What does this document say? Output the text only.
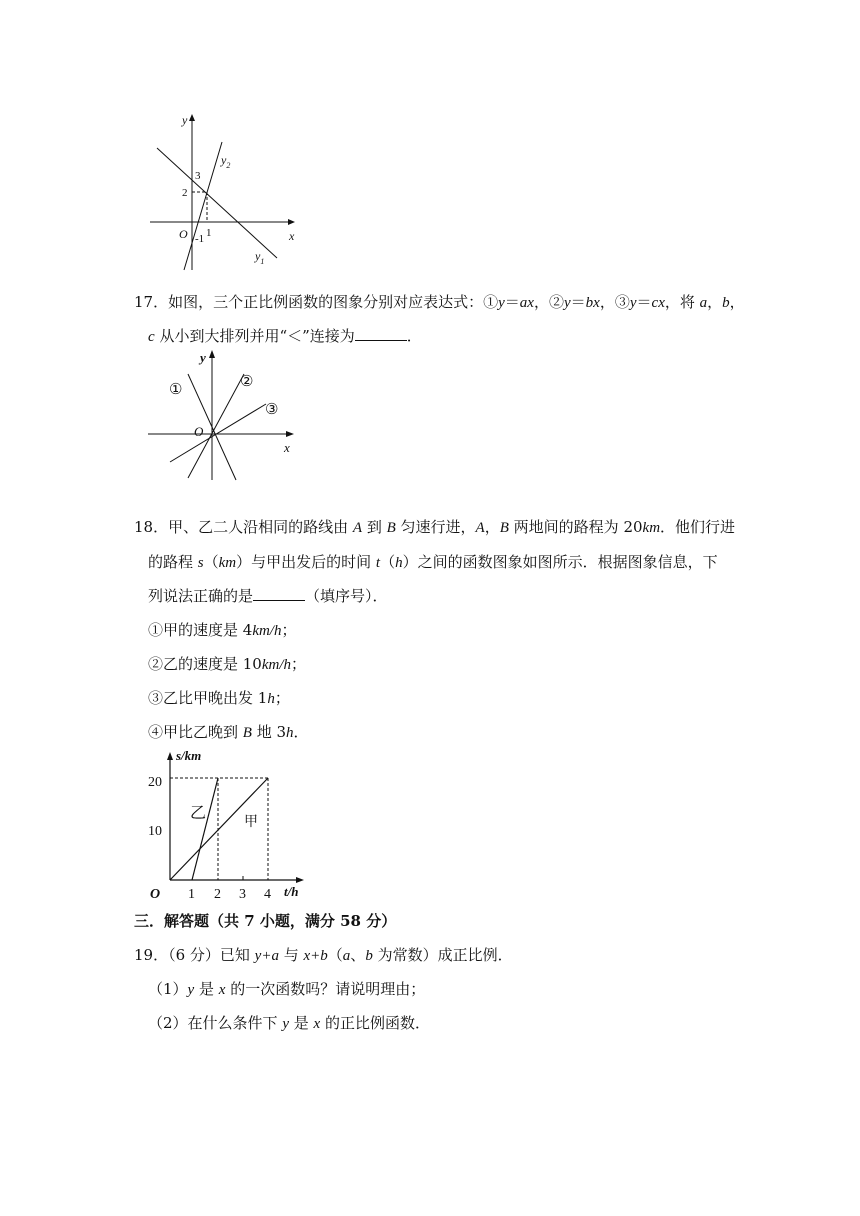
y
x
O
3
2
1
-1
$y_2$
$y_1$
17．如图，三个正比例函数的图象分别对应表达式：①y＝ax，②y＝bx，③y＝cx，将 a，b，
c 从小到大排列并用“＜”连接为	．
y
x
O
①	②
③
18．甲、乙二人沿相同的路线由 A 到 B 匀速行进，A，B 两地间的路程为 20km．他们行进
的路程 s（km）与甲出发后的时间 t（h）之间的函数图象如图所示．根据图象信息，下
列说法正确的是	（填序号）．
①甲的速度是 4km/h；
②乙的速度是 10km/h；
③乙比甲晚出发 1h；
④甲比乙晚到 B 地 3h．
s/km
t/h
O
20
10
1 2 3 4
乙
甲
三．解答题（共 7 小题，满分 58 分）
19．（6 分）已知 y+a 与 x+b（a、b 为常数）成正比例．
（1）y 是 x 的一次函数吗？请说明理由；
（2）在什么条件下 y 是 x 的正比例函数．
